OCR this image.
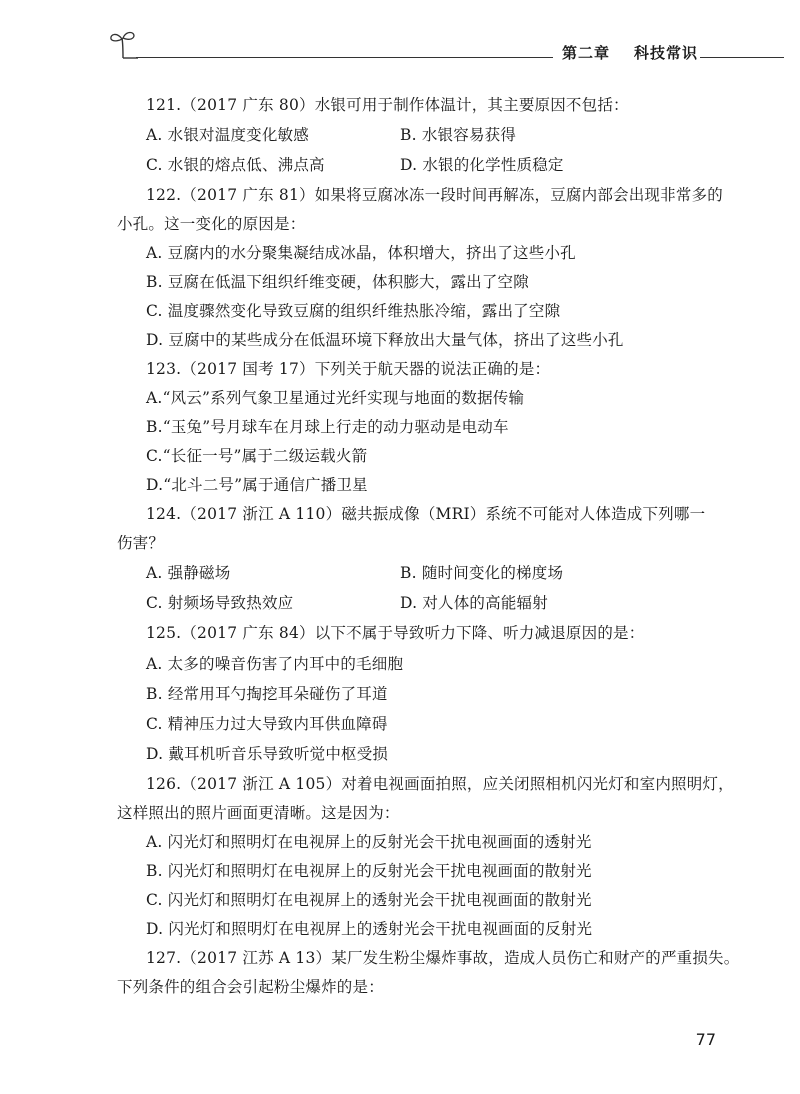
第二章 科技常识
121.（2017 广东 80）水银可用于制作体温计，其主要原因不包括：
A. 水银对温度变化敏感	B. 水银容易获得
C. 水银的熔点低、沸点高	D. 水银的化学性质稳定
122.（2017 广东 81）如果将豆腐冰冻一段时间再解冻，豆腐内部会出现非常多的
小孔。这一变化的原因是：
A. 豆腐内的水分聚集凝结成冰晶，体积增大，挤出了这些小孔
B. 豆腐在低温下组织纤维变硬，体积膨大，露出了空隙
C. 温度骤然变化导致豆腐的组织纤维热胀冷缩，露出了空隙
D. 豆腐中的某些成分在低温环境下释放出大量气体，挤出了这些小孔
123.（2017 国考 17）下列关于航天器的说法正确的是：
A.“风云”系列气象卫星通过光纤实现与地面的数据传输
B.“玉兔”号月球车在月球上行走的动力驱动是电动车
C.“长征一号”属于二级运载火箭
D.“北斗二号”属于通信广播卫星
124.（2017 浙江 A 110）磁共振成像（MRI）系统不可能对人体造成下列哪一
伤害？
A. 强静磁场	B. 随时间变化的梯度场
C. 射频场导致热效应	D. 对人体的高能辐射
125.（2017 广东 84）以下不属于导致听力下降、听力减退原因的是：
A. 太多的噪音伤害了内耳中的毛细胞
B. 经常用耳勺掏挖耳朵碰伤了耳道
C. 精神压力过大导致内耳供血障碍
D. 戴耳机听音乐导致听觉中枢受损
126.（2017 浙江 A 105）对着电视画面拍照，应关闭照相机闪光灯和室内照明灯，
这样照出的照片画面更清晰。这是因为：
A. 闪光灯和照明灯在电视屏上的反射光会干扰电视画面的透射光
B. 闪光灯和照明灯在电视屏上的反射光会干扰电视画面的散射光
C. 闪光灯和照明灯在电视屏上的透射光会干扰电视画面的散射光
D. 闪光灯和照明灯在电视屏上的透射光会干扰电视画面的反射光
127.（2017 江苏 A 13）某厂发生粉尘爆炸事故，造成人员伤亡和财产的严重损失。
下列条件的组合会引起粉尘爆炸的是：
77
